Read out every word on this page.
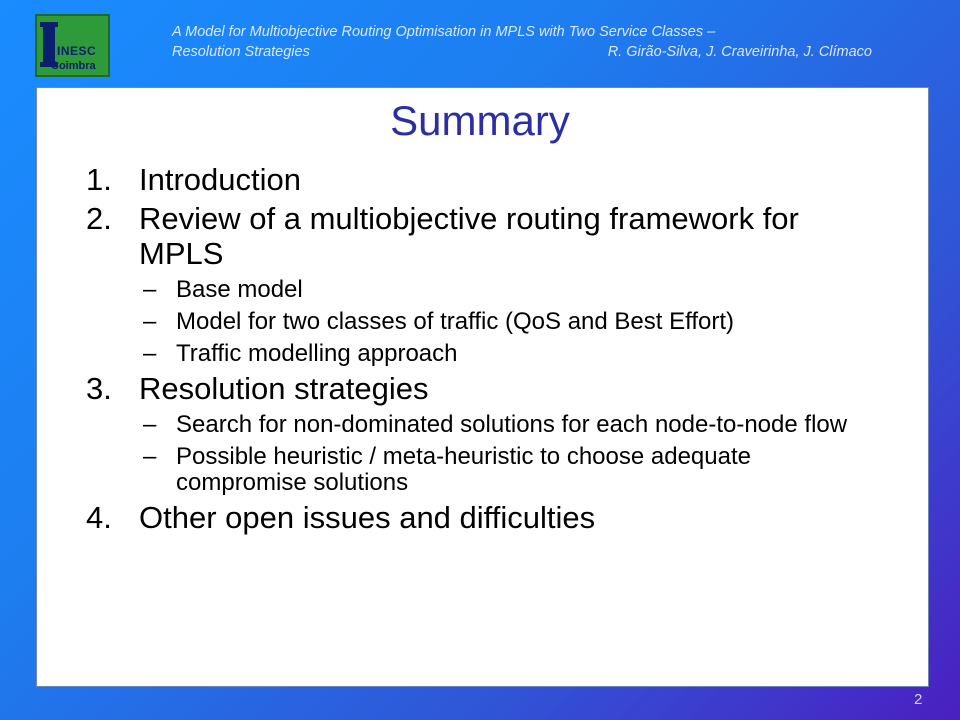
INESC
Coimbra
A Model for Multiobjective Routing Optimisation in MPLS with Two Service Classes –
Resolution Strategies	R. Girão-Silva, J. Craveirinha, J. Clímaco
Summary
1. Introduction
2. Review of a multiobjective routing framework for MPLS
– Base model
– Model for two classes of traffic (QoS and Best Effort)
– Traffic modelling approach
3. Resolution strategies
– Search for non-dominated solutions for each node-to-node flow
– Possible heuristic / meta-heuristic to choose adequate compromise solutions
4. Other open issues and difficulties
2
